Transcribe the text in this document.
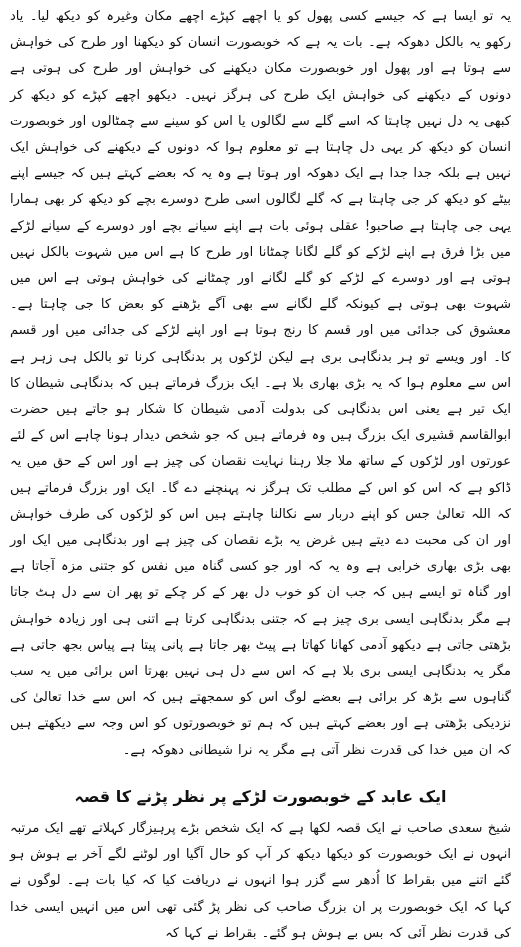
یہ تو ایسا ہے کہ جیسے کسی پھول کو یا اچھے کپڑے اچھے مکان وغیرہ کو دیکھ لیا۔ یاد رکھو یہ بالکل دھوکہ ہے۔ بات یہ ہے کہ خوبصورت انسان کو دیکھنا اور طرح کی خواہش سے ہوتا ہے اور پھول اور خوبصورت مکان دیکھنے کی خواہش اور طرح کی ہوتی ہے دونوں کے دیکھنے کی خواہش ایک طرح کی ہرگز نہیں۔ دیکھو اچھے کپڑے کو دیکھ کر کبھی یہ دل نہیں چاہتا کہ اسے گلے سے لگالوں یا اس کو سینے سے چمٹالوں اور خوبصورت انسان کو دیکھ کر یہی دل چاہتا ہے تو معلوم ہوا کہ دونوں کے دیکھنے کی خواہش ایک نہیں ہے بلکہ جدا جدا ہے ایک دھوکہ اور ہوتا ہے وہ یہ کہ بعضے کہتے ہیں کہ جیسے اپنے بیٹے کو دیکھ کر جی چاہتا ہے کہ گلے لگالوں اسی طرح دوسرے بچے کو دیکھ کر بھی ہمارا یہی جی چاہتا ہے صاحبو! عقلی ہوئی بات ہے اپنے سیانے بچے اور دوسرے کے سیانے لڑکے میں بڑا فرق ہے اپنے لڑکے کو گلے لگانا چمٹانا اور طرح کا ہے اس میں شہوت بالکل نہیں ہوتی ہے اور دوسرے کے لڑکے کو گلے لگانے اور چمٹانے کی خواہش ہوتی ہے اس میں شہوت بھی ہوتی ہے کیونکہ گلے لگانے سے بھی آگے بڑھنے کو بعض کا جی چاہتا ہے۔ معشوق کی جدائی میں اور قسم کا رنج ہوتا ہے اور اپنے لڑکے کی جدائی میں اور قسم کا۔ اور ویسے تو ہر بدنگاہی بری ہے لیکن لڑکوں پر بدنگاہی کرنا تو بالکل ہی زہر ہے اس سے معلوم ہوا کہ یہ بڑی بھاری بلا ہے۔ ایک بزرگ فرماتے ہیں کہ بدنگاہی شیطان کا ایک تیر ہے یعنی اس بدنگاہی کی بدولت آدمی شیطان کا شکار ہو جاتے ہیں حضرت ابوالقاسم قشیری ایک بزرگ ہیں وہ فرماتے ہیں کہ جو شخص دیدار ہونا چاہے اس کے لئے عورتوں اور لڑکوں کے ساتھ ملا جلا رہنا نہایت نقصان کی چیز ہے اور اس کے حق میں یہ ڈاکو ہے کہ اس کو اس کے مطلب تک ہرگز نہ پہنچنے دے گا۔ ایک اور بزرگ فرماتے ہیں کہ اللہ تعالیٰ جس کو اپنے دربار سے نکالنا چاہتے ہیں اس کو لڑکوں کی طرف خواہش اور ان کی محبت دے دیتے ہیں غرض یہ بڑے نقصان کی چیز ہے اور بدنگاہی میں ایک اور بھی بڑی بھاری خرابی ہے وہ یہ کہ اور جو کسی گناہ میں نفس کو جتنی مزہ آجاتا ہے اور گناہ تو ایسے ہیں کہ جب ان کو خوب دل بھر کے کر چکے تو پھر ان سے دل ہٹ جاتا ہے مگر بدنگاہی ایسی بری چیز ہے کہ جتنی بدنگاہی کرتا ہے اتنی ہی اور زیادہ خواہش بڑھتی جاتی ہے دیکھو آدمی کھانا کھاتا ہے پیٹ بھر جاتا ہے پانی پیتا ہے پیاس بجھ جاتی ہے مگر یہ بدنگاہی ایسی بری بلا ہے کہ اس سے دل ہی نہیں بھرتا اس برائی میں یہ سب گناہوں سے بڑھ کر برائی ہے بعضے لوگ اس کو سمجھتے ہیں کہ اس سے خدا تعالیٰ کی نزدیکی بڑھتی ہے اور بعضے کہتے ہیں کہ ہم تو خوبصورتوں کو اس وجہ سے دیکھتے ہیں کہ ان میں خدا کی قدرت نظر آتی ہے مگر یہ نرا شیطانی دھوکہ ہے۔

ایک عابد کے خوبصورت لڑکے پر نظر پڑنے کا قصہ

شیخ سعدی صاحب نے ایک قصہ لکھا ہے کہ ایک شخص بڑے پرہیزگار کہلاتے تھے ایک مرتبہ انہوں نے ایک خوبصورت کو دیکھا دیکھ کر آپ کو حال آگیا اور لوٹنے لگے آخر بے ہوش ہو گئے اتنے میں بقراط کا اُدھر سے گزر ہوا انہوں نے دریافت کیا کہ کیا بات ہے۔ لوگوں نے کہا کہ ایک خوبصورت پر ان بزرگ صاحب کی نظر پڑ گئی تھی اس میں انہیں ایسی خدا کی قدرت نظر آئی کہ بس بے ہوش ہو گئے۔ بقراط نے کہا کہ
